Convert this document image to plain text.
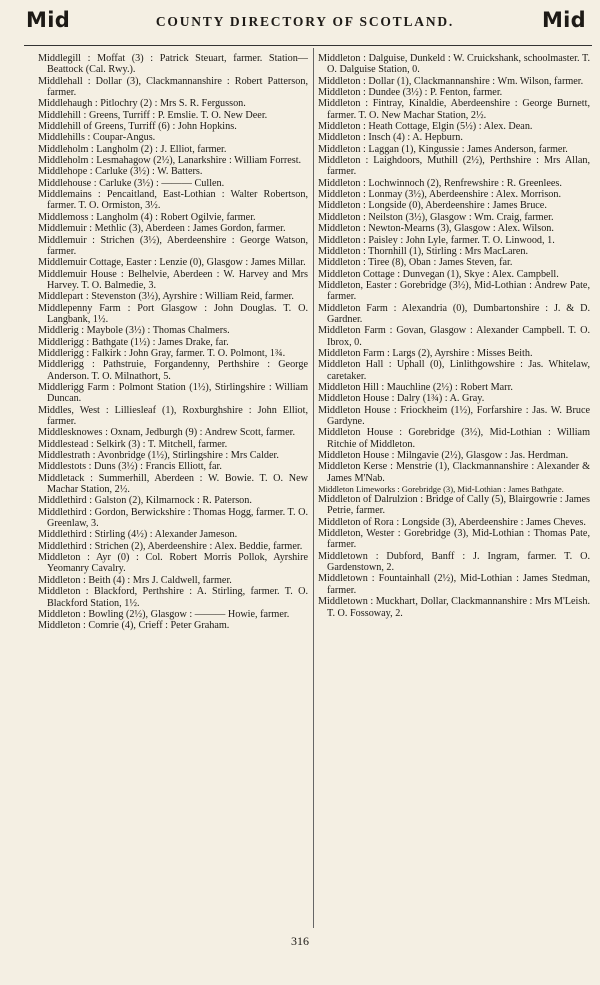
Mid	COUNTY DIRECTORY OF SCOTLAND.	Mid

Middlegill : Moffat (3) : Patrick Steuart, farmer. Station—Beattock (Cal. Rwy.).

Middlehall : Dollar (3), Clackmannanshire : Robert Patterson, farmer.

Middlehaugh : Pitlochry (2) : Mrs S. R. Fergusson.

Middlehill : Greens, Turriff : P. Emslie. T. O. New Deer.

Middlehill of Greens, Turriff (6) : John Hopkins.

Middlehills : Coupar-Angus.

Middleholm : Langholm (2) : J. Elliot, farmer.

Middleholm : Lesmahagow (2½), Lanarkshire : William Forrest.

Middlehope : Carluke (3½) : W. Batters.

Middlehouse : Carluke (3½) : ——— Cullen.

Middlemains : Pencaitland, East-Lothian : Walter Robertson, farmer. T. O. Ormiston, 3½.

Middlemoss : Langholm (4) : Robert Ogilvie, farmer.

Middlemuir : Methlic (3), Aberdeen : James Gordon, farmer.

Middlemuir : Strichen (3½), Aberdeenshire : George Watson, farmer.

Middlemuir Cottage, Easter : Lenzie (0), Glasgow : James Millar.

Middlemuir House : Belhelvie, Aberdeen : W. Harvey and Mrs Harvey. T. O. Balmedie, 3.

Middlepart : Stevenston (3½), Ayrshire : William Reid, farmer.

Middlepenny Farm : Port Glasgow : John Douglas. T. O. Langbank, 1½.

Middlerig : Maybole (3½) : Thomas Chalmers.

Middlerigg : Bathgate (1½) : James Drake, far.

Middlerigg : Falkirk : John Gray, farmer. T. O. Polmont, 1¾.

Middlerigg : Pathstruie, Forgandenny, Perthshire : George Anderson. T. O. Milnathort, 5.

Middlerigg Farm : Polmont Station (1½), Stirlingshire : William Duncan.

Middles, West : Lilliesleaf (1), Roxburghshire : John Elliot, farmer.

Middlesknowes : Oxnam, Jedburgh (9) : Andrew Scott, farmer.

Middlestead : Selkirk (3) : T. Mitchell, farmer.

Middlestrath : Avonbridge (1½), Stirlingshire : Mrs Calder.

Middlestots : Duns (3½) : Francis Elliott, far.

Middletack : Summerhill, Aberdeen : W. Bowie. T. O. New Machar Station, 2½.

Middlethird : Galston (2), Kilmarnock : R. Paterson.

Middlethird : Gordon, Berwickshire : Thomas Hogg, farmer. T. O. Greenlaw, 3.

Middlethird : Stirling (4½) : Alexander Jameson.

Middlethird : Strichen (2), Aberdeenshire : Alex. Beddie, farmer.

Middleton : Ayr (0) : Col. Robert Morris Pollok, Ayrshire Yeomanry Cavalry.

Middleton : Beith (4) : Mrs J. Caldwell, farmer.

Middleton : Blackford, Perthshire : A. Stirling, farmer. T. O. Blackford Station, 1½.

Middleton : Bowling (2½), Glasgow : ——— Howie, farmer.

Middleton : Comrie (4), Crieff : Peter Graham.

Middleton : Dalguise, Dunkeld : W. Cruickshank, schoolmaster. T. O. Dalguise Station, 0.

Middleton : Dollar (1), Clackmannanshire : Wm. Wilson, farmer.

Middleton : Dundee (3½) : P. Fenton, farmer.

Middleton : Fintray, Kinaldie, Aberdeenshire : George Burnett, farmer. T. O. New Machar Station, 2½.

Middleton : Heath Cottage, Elgin (5½) : Alex. Dean.

Middleton : Insch (4) : A. Hepburn.

Middleton : Laggan (1), Kingussie : James Anderson, farmer.

Middleton : Laighdoors, Muthill (2½), Perthshire : Mrs Allan, farmer.

Middleton : Lochwinnoch (2), Renfrewshire : R. Greenlees.

Middleton : Lonmay (3½), Aberdeenshire : Alex. Morrison.

Middleton : Longside (0), Aberdeenshire : James Bruce.

Middleton : Neilston (3½), Glasgow : Wm. Craig, farmer.

Middleton : Newton-Mearns (3), Glasgow : Alex. Wilson.

Middleton : Paisley : John Lyle, farmer. T. O. Linwood, 1.

Middleton : Thornhill (1), Stirling : Mrs MacLaren.

Middleton : Tiree (8), Oban : James Steven, far.

Middleton Cottage : Dunvegan (1), Skye : Alex. Campbell.

Middleton, Easter : Gorebridge (3½), Mid-Lothian : Andrew Pate, farmer.

Middleton Farm : Alexandria (0), Dumbartonshire : J. & D. Gardner.

Middleton Farm : Govan, Glasgow : Alexander Campbell. T. O. Ibrox, 0.

Middleton Farm : Largs (2), Ayrshire : Misses Beith.

Middleton Hall : Uphall (0), Linlithgowshire : Jas. Whitelaw, caretaker.

Middleton Hill : Mauchline (2½) : Robert Marr.

Middleton House : Dalry (1¾) : A. Gray.

Middleton House : Friockheim (1½), Forfarshire : Jas. W. Bruce Gardyne.

Middleton House : Gorebridge (3½), Mid-Lothian : William Ritchie of Middleton.

Middleton House : Milngavie (2½), Glasgow : Jas. Herdman.

Middleton Kerse : Menstrie (1), Clackmannanshire : Alexander & James M'Nab.

Middleton Limeworks : Gorebridge (3), Mid-Lothian : James Bathgate.

Middleton of Dalrulzion : Bridge of Cally (5), Blairgowrie : James Petrie, farmer.

Middleton of Rora : Longside (3), Aberdeenshire : James Cheves.

Middleton, Wester : Gorebridge (3), Mid-Lothian : Thomas Pate, farmer.

Middletown : Dubford, Banff : J. Ingram, farmer. T. O. Gardenstown, 2.

Middletown : Fountainhall (2½), Mid-Lothian : James Stedman, farmer.

Middletown : Muckhart, Dollar, Clackmannanshire : Mrs M'Leish. T. O. Fossoway, 2.

316
